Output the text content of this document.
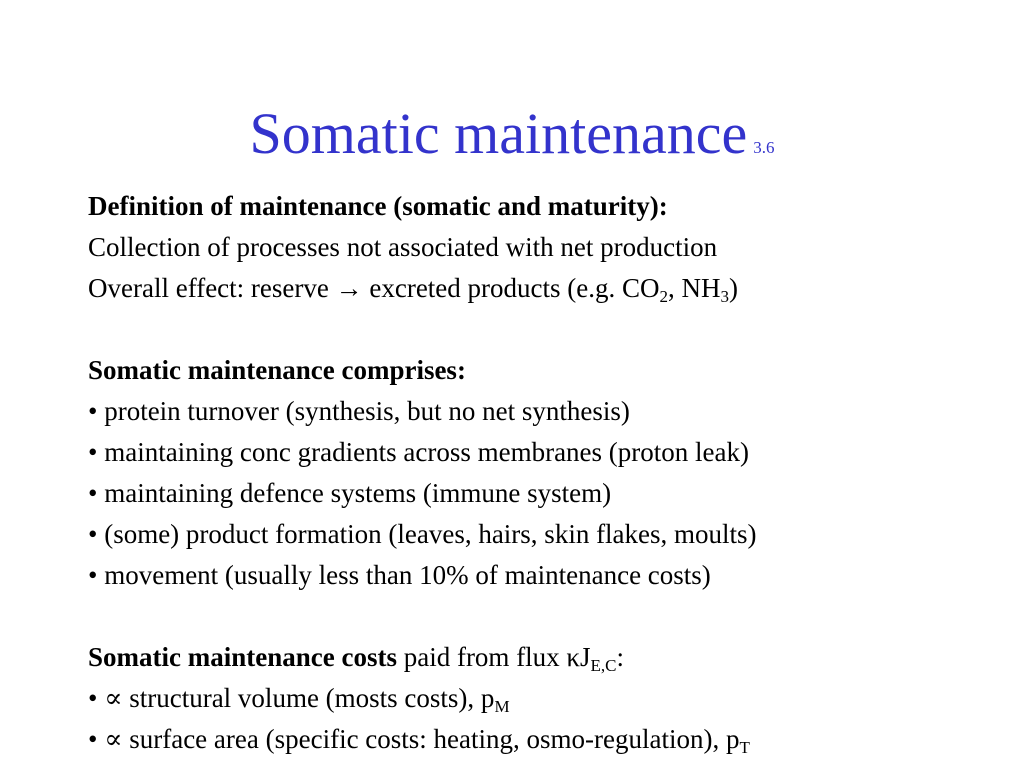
Somatic maintenance 3.6
Definition of maintenance (somatic and maturity):
Collection of processes not associated with net production
Overall effect: reserve → excreted products (e.g. $CO_2$, $NH_3$)
Somatic maintenance comprises:
• protein turnover (synthesis, but no net synthesis)
• maintaining conc gradients across membranes (proton leak)
• maintaining defence systems (immune system)
• (some) product formation (leaves, hairs, skin flakes, moults)
• movement (usually less than 10% of maintenance costs)
Somatic maintenance costs paid from flux $\kappa J_{E,C}$:
• ∝ structural volume (mosts costs), $p_M$
• ∝ surface area (specific costs: heating, osmo-regulation), $p_T$
